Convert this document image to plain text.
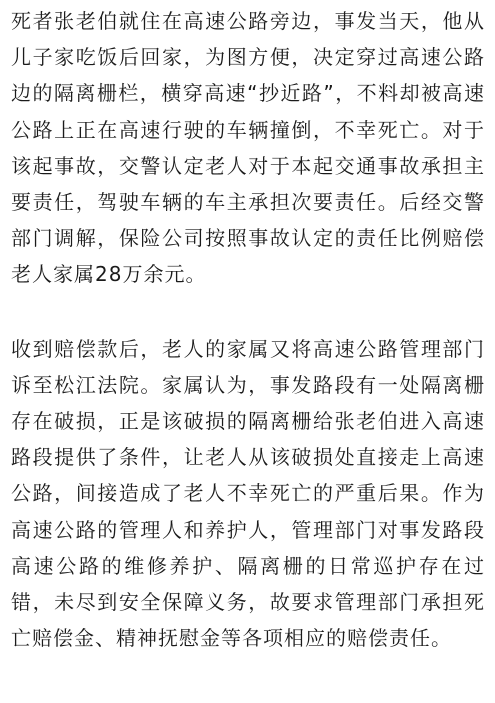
死者张老伯就住在高速公路旁边，事发当天，他从儿子家吃饭后回家，为图方便，决定穿过高速公路边的隔离栅栏，横穿高速“抄近路”，不料却被高速公路上正在高速行驶的车辆撞倒，不幸死亡。对于该起事故，交警认定老人对于本起交通事故承担主要责任，驾驶车辆的车主承担次要责任。后经交警部门调解，保险公司按照事故认定的责任比例赔偿老人家属28万余元。

收到赔偿款后，老人的家属又将高速公路管理部门诉至松江法院。家属认为，事发路段有一处隔离栅存在破损，正是该破损的隔离栅给张老伯进入高速路段提供了条件，让老人从该破损处直接走上高速公路，间接造成了老人不幸死亡的严重后果。作为高速公路的管理人和养护人，管理部门对事发路段高速公路的维修养护、隔离栅的日常巡护存在过错，未尽到安全保障义务，故要求管理部门承担死亡赔偿金、精神抚慰金等各项相应的赔偿责任。
